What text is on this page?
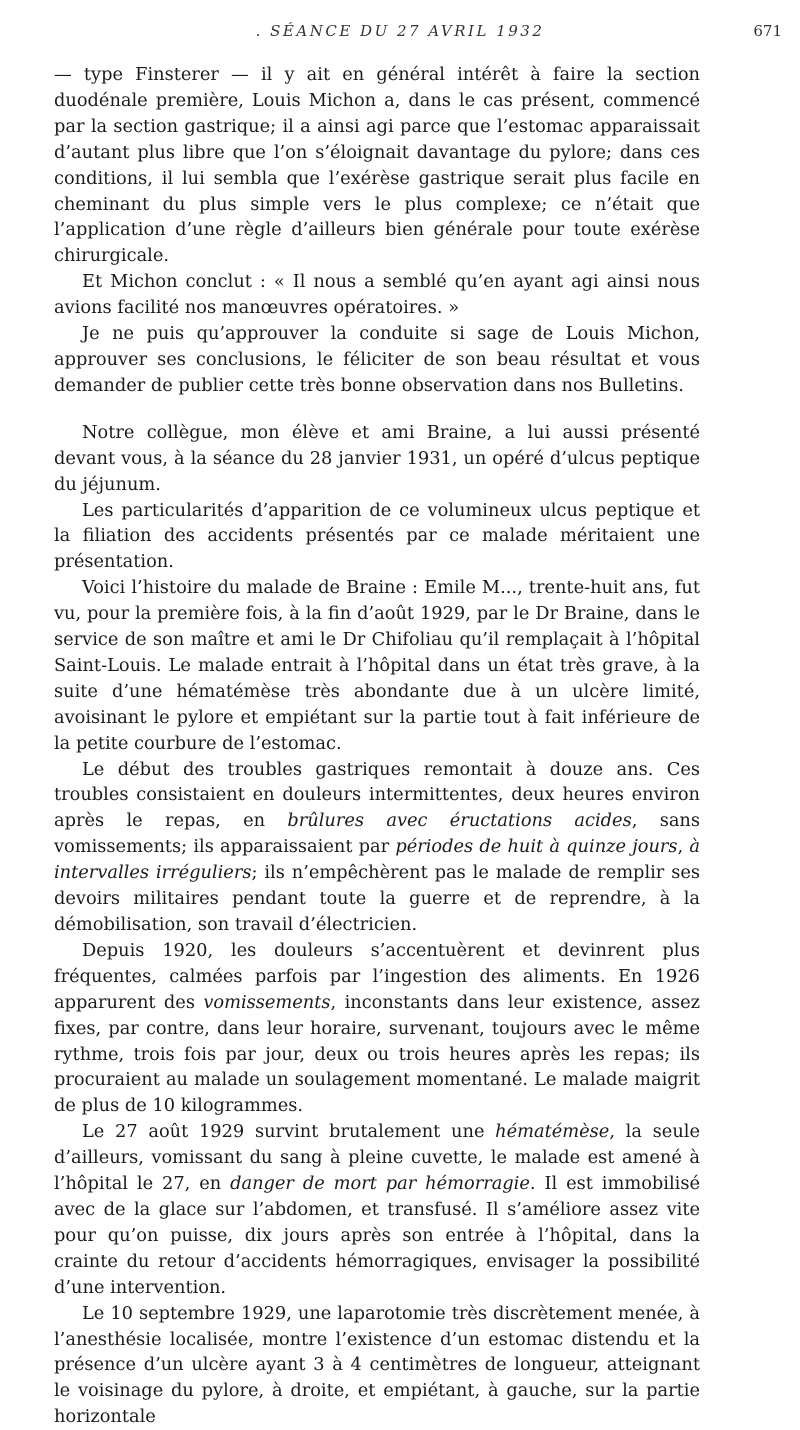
. SÉANCE DU 27 AVRIL 1932	671

— type Finsterer — il y ait en général intérêt à faire la section duodénale première, Louis Michon a, dans le cas présent, commencé par la section gastrique; il a ainsi agi parce que l’estomac apparaissait d’autant plus libre que l’on s’éloignait davantage du pylore; dans ces conditions, il lui sembla que l’exérèse gastrique serait plus facile en cheminant du plus simple vers le plus complexe; ce n’était que l’application d’une règle d’ailleurs bien générale pour toute exérèse chirurgicale.

Et Michon conclut : « Il nous a semblé qu’en ayant agi ainsi nous avions facilité nos manœuvres opératoires. »

Je ne puis qu’approuver la conduite si sage de Louis Michon, approuver ses conclusions, le féliciter de son beau résultat et vous demander de publier cette très bonne observation dans nos Bulletins.

Notre collègue, mon élève et ami Braine, a lui aussi présenté devant vous, à la séance du 28 janvier 1931, un opéré d’ulcus peptique du jéjunum.

Les particularités d’apparition de ce volumineux ulcus peptique et la filiation des accidents présentés par ce malade méritaient une présentation.

Voici l’histoire du malade de Braine : Emile M..., trente-huit ans, fut vu, pour la première fois, à la fin d’août 1929, par le Dr Braine, dans le service de son maître et ami le Dr Chifoliau qu’il remplaçait à l’hôpital Saint-Louis. Le malade entrait à l’hôpital dans un état très grave, à la suite d’une hématémèse très abondante due à un ulcère limité, avoisinant le pylore et empiétant sur la partie tout à fait inférieure de la petite courbure de l’estomac.

Le début des troubles gastriques remontait à douze ans. Ces troubles consistaient en douleurs intermittentes, deux heures environ après le repas, en brûlures avec éructations acides, sans vomissements; ils apparaissaient par périodes de huit à quinze jours, à intervalles irréguliers; ils n’empêchèrent pas le malade de remplir ses devoirs militaires pendant toute la guerre et de reprendre, à la démobilisation, son travail d’électricien.

Depuis 1920, les douleurs s’accentuèrent et devinrent plus fréquentes, calmées parfois par l’ingestion des aliments. En 1926 apparurent des vomissements, inconstants dans leur existence, assez fixes, par contre, dans leur horaire, survenant, toujours avec le même rythme, trois fois par jour, deux ou trois heures après les repas; ils procuraient au malade un soulagement momentané. Le malade maigrit de plus de 10 kilogrammes.

Le 27 août 1929 survint brutalement une hématémèse, la seule d’ailleurs, vomissant du sang à pleine cuvette, le malade est amené à l’hôpital le 27, en danger de mort par hémorragie. Il est immobilisé avec de la glace sur l’abdomen, et transfusé. Il s’améliore assez vite pour qu’on puisse, dix jours après son entrée à l’hôpital, dans la crainte du retour d’accidents hémorragiques, envisager la possibilité d’une intervention.

Le 10 septembre 1929, une laparotomie très discrètement menée, à l’anesthésie localisée, montre l’existence d’un estomac distendu et la présence d’un ulcère ayant 3 à 4 centimètres de longueur, atteignant le voisinage du pylore, à droite, et empiétant, à gauche, sur la partie horizontale
